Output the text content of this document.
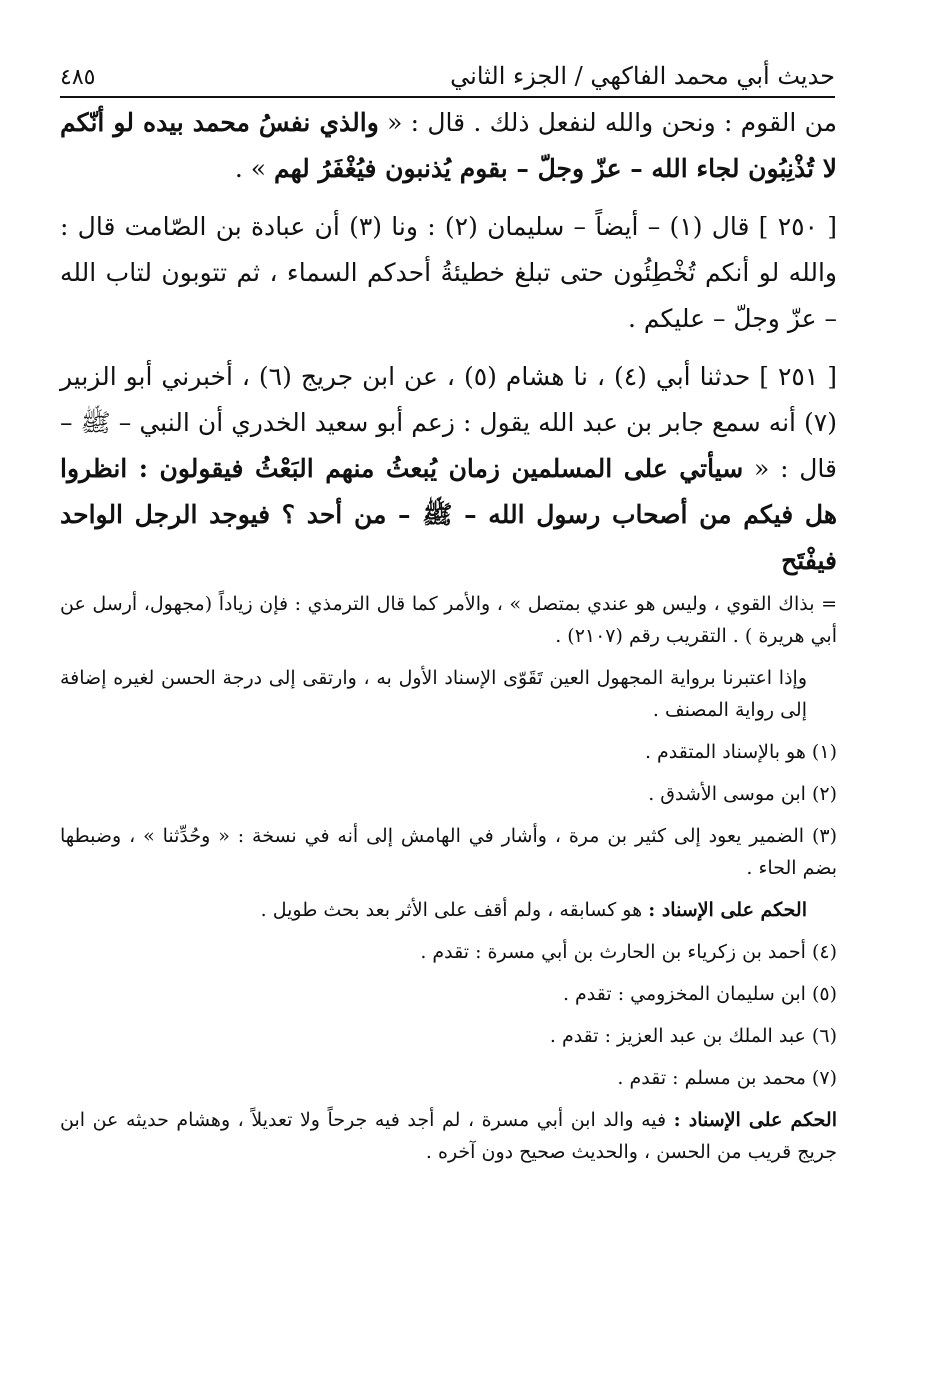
حديث أبي محمد الفاكهي / الجزء الثاني
٤٨٥

من القوم : ونحن والله لنفعل ذلك . قال : « والذي نفسُ محمد بيده لو أنّكم لا تُذْنِبُون لجاء الله – عزّ وجلّ – بقوم يُذنبون فيُغْفَرُ لهم » .

[ ٢٥٠ ] قال (١) – أيضاً – سليمان (٢) : ونا (٣) أن عبادة بن الصّامت قال : والله لو أنكم تُخْطِئُون حتى تبلغ خطيئةُ أحدكم السماء ، ثم تتوبون لتاب الله – عزّ وجلّ – عليكم .

[ ٢٥١ ] حدثنا أبي (٤) ، نا هشام (٥) ، عن ابن جريج (٦) ، أخبرني أبو الزبير (٧) أنه سمع جابر بن عبد الله يقول : زعم أبو سعيد الخدري أن النبي – ﷺ – قال : « سيأتي على المسلمين زمان يُبعثُ منهم البَعْثُ فيقولون : انظروا هل فيكم من أصحاب رسول الله – ﷺ – من أحد ؟ فيوجد الرجل الواحد فيفْتَح

= بذاك القوي ، وليس هو عندي بمتصل » ، والأمر كما قال الترمذي : فإن زياداً (مجهول، أرسل عن أبي هريرة ) . التقريب رقم (٢١٠٧) .

وإذا اعتبرنا برواية المجهول العين تَقَوّى الإسناد الأول به ، وارتقى إلى درجة الحسن لغيره إضافة إلى رواية المصنف .

(١) هو بالإسناد المتقدم .

(٢) ابن موسى الأشدق .

(٣) الضمير يعود إلى كثير بن مرة ، وأشار في الهامش إلى أنه في نسخة : « وحُدِّثنا » ، وضبطها بضم الحاء .

الحكم على الإسناد : هو كسابقه ، ولم أقف على الأثر بعد بحث طويل .

(٤) أحمد بن زكرياء بن الحارث بن أبي مسرة : تقدم .

(٥) ابن سليمان المخزومي : تقدم .

(٦) عبد الملك بن عبد العزيز : تقدم .

(٧) محمد بن مسلم : تقدم .

الحكم على الإسناد : فيه والد ابن أبي مسرة ، لم أجد فيه جرحاً ولا تعديلاً ، وهشام حديثه عن ابن جريج قريب من الحسن ، والحديث صحيح دون آخره .
